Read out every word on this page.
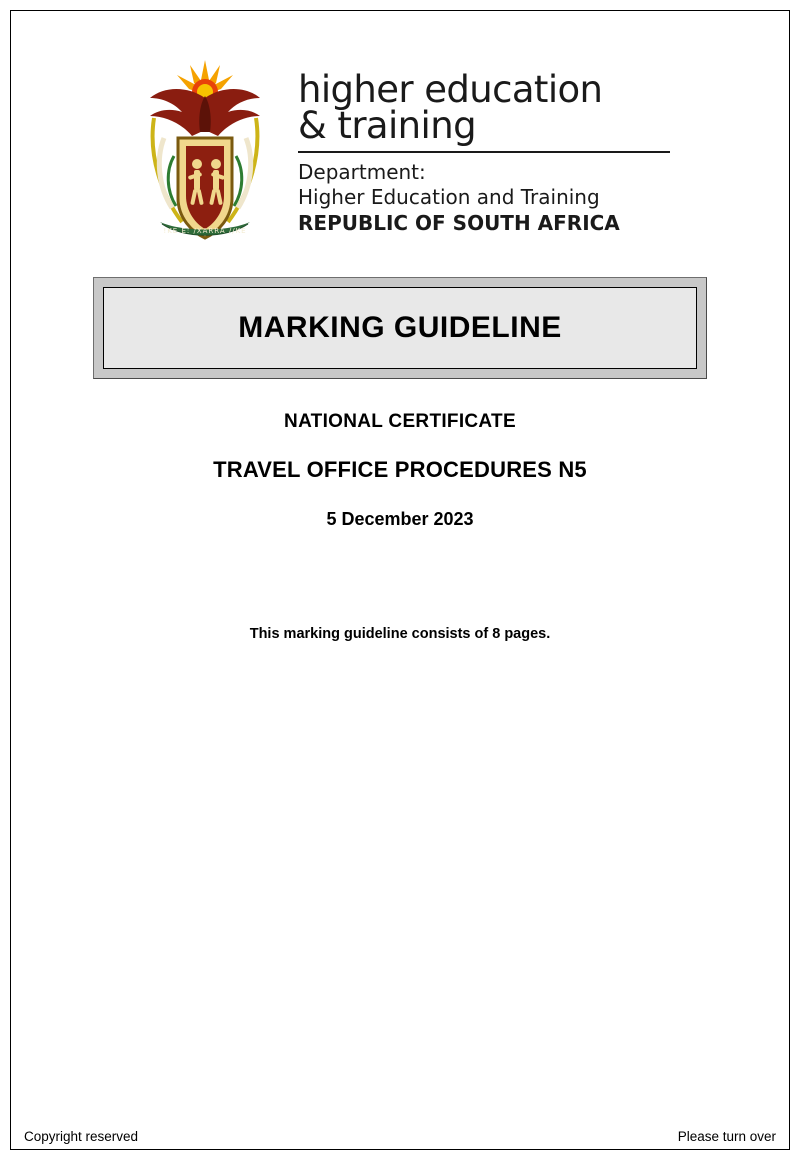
!KE E: /XARRA //KE
higher education
& training
Department:
Higher Education and Training
REPUBLIC OF SOUTH AFRICA
MARKING GUIDELINE
NATIONAL CERTIFICATE
TRAVEL OFFICE PROCEDURES N5
5 December 2023
This marking guideline consists of 8 pages.
Copyright reserved	Please turn over
